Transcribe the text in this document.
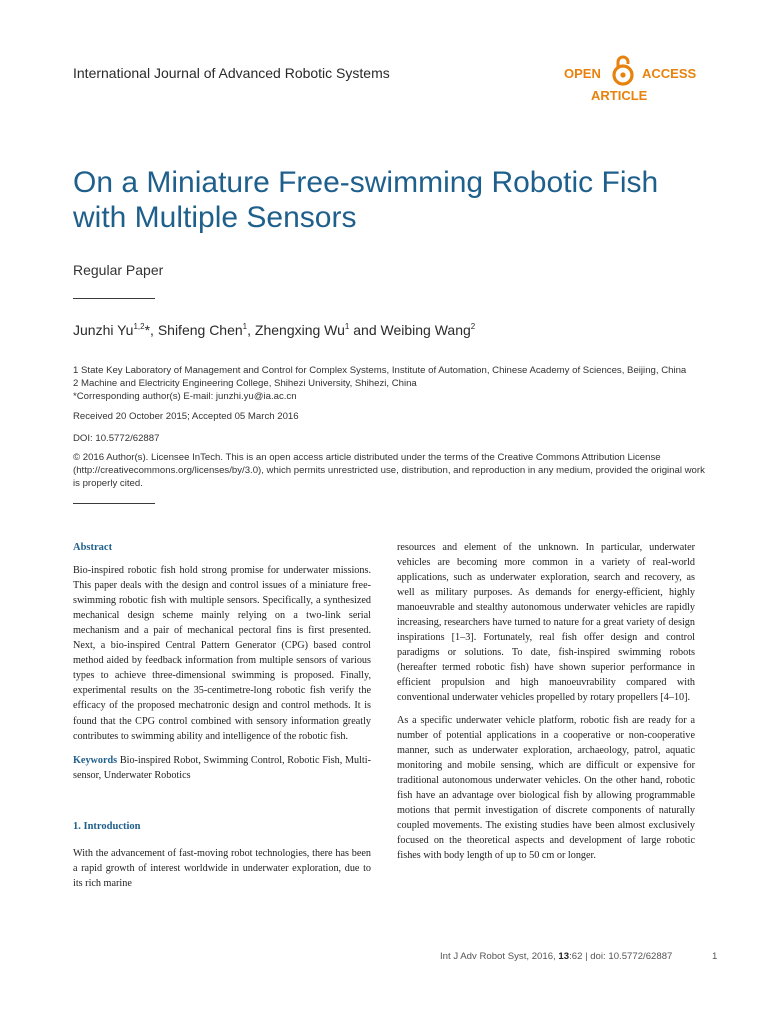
International Journal of Advanced Robotic Systems	OPEN	ACCESS
ARTICLE
On a Miniature Free-swimming Robotic Fish with Multiple Sensors
Regular Paper
Junzhi Yu$^{1,2}$*, Shifeng Chen$^1$, Zhengxing Wu$^1$ and Weibing Wang$^2$
1 State Key Laboratory of Management and Control for Complex Systems, Institute of Automation, Chinese Academy of Sciences, Beijing, China
2 Machine and Electricity Engineering College, Shihezi University, Shihezi, China
*Corresponding author(s) E-mail: junzhi.yu@ia.ac.cn
Received 20 October 2015; Accepted 05 March 2016
DOI: 10.5772/62887
© 2016 Author(s). Licensee InTech. This is an open access article distributed under the terms of the Creative Commons Attribution License (http://creativecommons.org/licenses/by/3.0), which permits unrestricted use, distribution, and reproduction in any medium, provided the original work is properly cited.
Abstract

Bio-inspired robotic fish hold strong promise for underwater missions. This paper deals with the design and control issues of a miniature free-swimming robotic fish with multiple sensors. Specifically, a synthesized mechanical design scheme mainly relying on a two-link serial mechanism and a pair of mechanical pectoral fins is first presented. Next, a bio-inspired Central Pattern Generator (CPG) based control method aided by feedback information from multiple sensors of various types to achieve three-dimensional swimming is proposed. Finally, experimental results on the 35-centimetre-long robotic fish verify the efficacy of the proposed mechatronic design and control methods. It is found that the CPG control combined with sensory information greatly contributes to swimming ability and intelligence of the robotic fish.

Keywords Bio-inspired Robot, Swimming Control, Robotic Fish, Multi-sensor, Underwater Robotics

1. Introduction

With the advancement of fast-moving robot technologies, there has been a rapid growth of interest worldwide in underwater exploration, due to its rich marine

resources and element of the unknown. In particular, underwater vehicles are becoming more common in a variety of real-world applications, such as underwater exploration, search and recovery, as well as military purposes. As demands for energy-efficient, highly manoeuvrable and stealthy autonomous underwater vehicles are rapidly increasing, researchers have turned to nature for a great variety of design inspirations [1–3]. Fortunately, real fish offer design and control paradigms or solutions. To date, fish-inspired swimming robots (hereafter termed robotic fish) have shown superior performance in efficient propulsion and high manoeuvrability compared with conventional underwater vehicles propelled by rotary propellers [4–10].

As a specific underwater vehicle platform, robotic fish are ready for a number of potential applications in a cooperative or non-cooperative manner, such as underwater exploration, archaeology, patrol, aquatic monitoring and mobile sensing, which are difficult or expensive for traditional autonomous underwater vehicles. On the other hand, robotic fish have an advantage over biological fish by allowing programmable motions that permit investigation of discrete components of naturally coupled movements. The existing studies have been almost exclusively focused on the theoretical aspects and development of large robotic fishes with body length of up to 50 cm or longer.

Int J Adv Robot Syst, 2016, 13:62 | doi: 10.5772/62887	1
